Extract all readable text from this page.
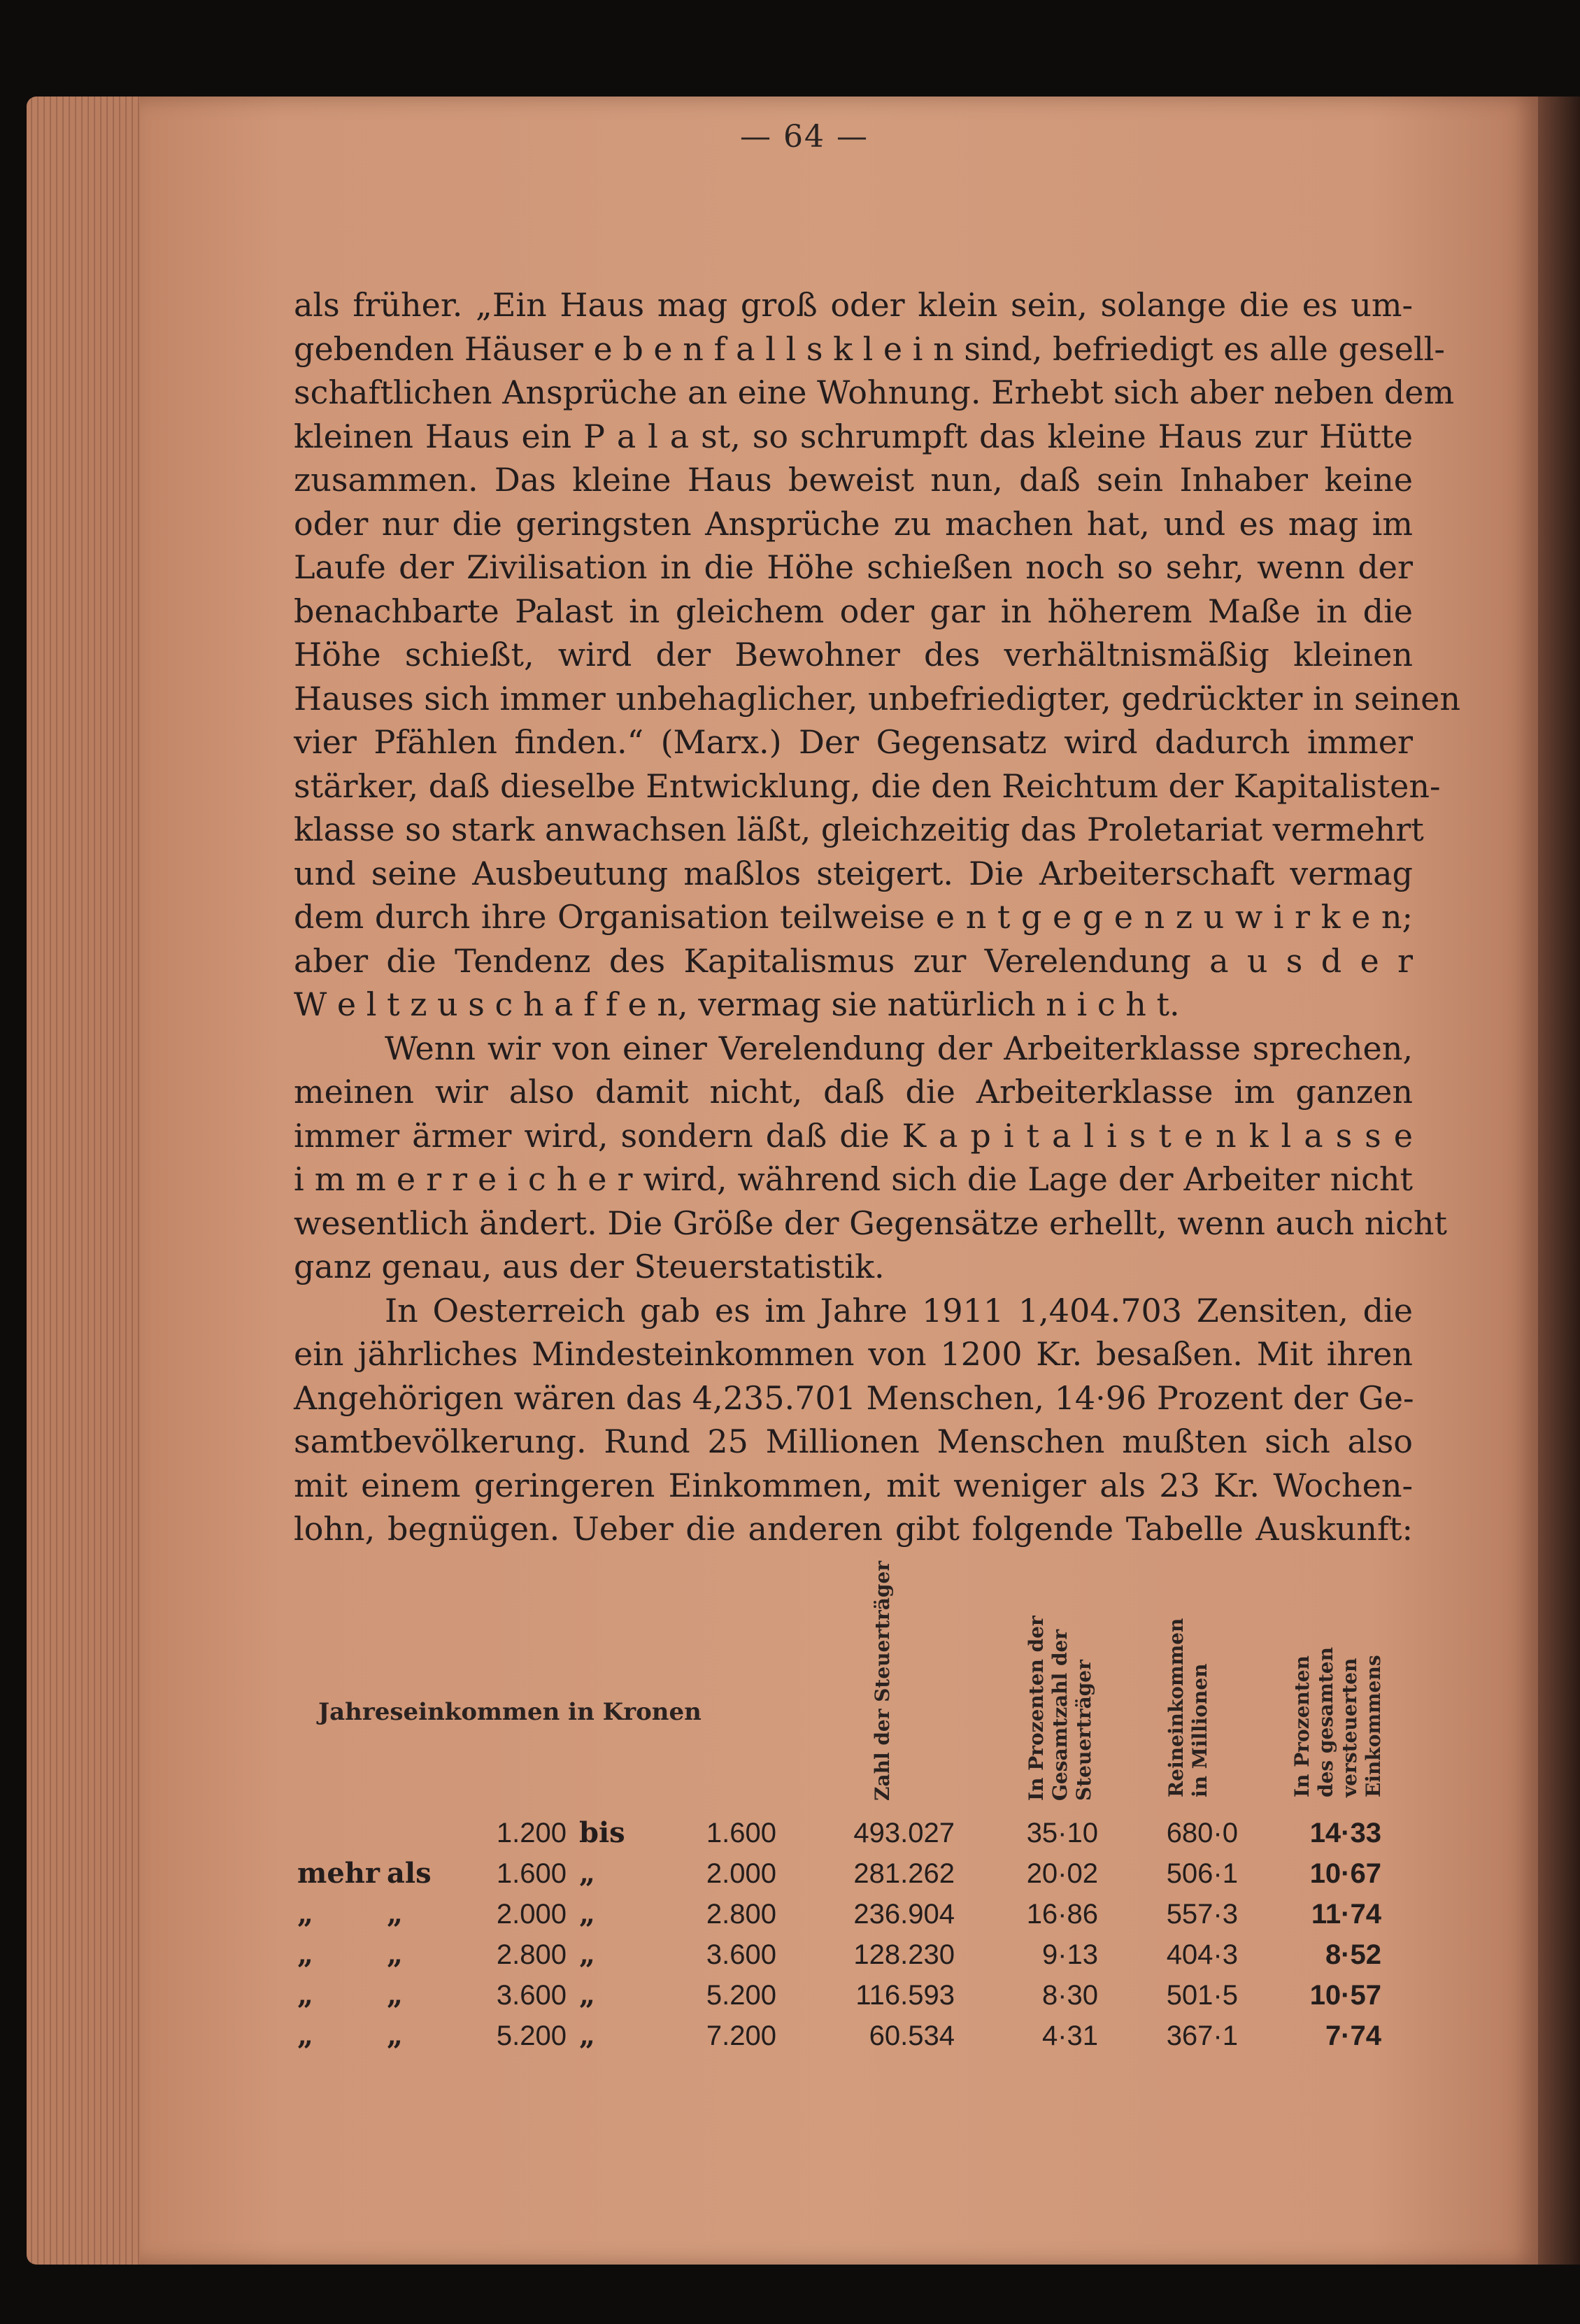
— 64 —
als früher. „Ein Haus mag groß oder klein sein, solange die es um-
gebenden Häuser e b e n f a l l s k l e i n sind, befriedigt es alle gesell-
schaftlichen Ansprüche an eine Wohnung. Erhebt sich aber neben dem
kleinen Haus ein P a l a st, so schrumpft das kleine Haus zur Hütte
zusammen. Das kleine Haus beweist nun, daß sein Inhaber keine
oder nur die geringsten Ansprüche zu machen hat, und es mag im
Laufe der Zivilisation in die Höhe schießen noch so sehr, wenn der
benachbarte Palast in gleichem oder gar in höherem Maße in die
Höhe schießt, wird der Bewohner des verhältnismäßig kleinen
Hauses sich immer unbehaglicher, unbefriedigter, gedrückter in seinen
vier Pfählen finden.“ (Marx.) Der Gegensatz wird dadurch immer
stärker, daß dieselbe Entwicklung, die den Reichtum der Kapitalisten-
klasse so stark anwachsen läßt, gleichzeitig das Proletariat vermehrt
und seine Ausbeutung maßlos steigert. Die Arbeiterschaft vermag
dem durch ihre Organisation teilweise e n t g e g e n z u w i r k e n;
aber die Tendenz des Kapitalismus zur Verelendung a u s d e r
W e l t z u s c h a f f e n, vermag sie natürlich n i c h t.
Wenn wir von einer Verelendung der Arbeiterklasse sprechen,
meinen wir also damit nicht, daß die Arbeiterklasse im ganzen
immer ärmer wird, sondern daß die K a p i t a l i s t e n k l a s s e
i m m e r r e i c h e r wird, während sich die Lage der Arbeiter nicht
wesentlich ändert. Die Größe der Gegensätze erhellt, wenn auch nicht
ganz genau, aus der Steuerstatistik.
In Oesterreich gab es im Jahre 1911 1,404.703 Zensiten, die
ein jährliches Mindesteinkommen von 1200 Kr. besaßen. Mit ihren
Angehörigen wären das 4,235.701 Menschen, 14·96 Prozent der Ge-
samtbevölkerung. Rund 25 Millionen Menschen mußten sich also
mit einem geringeren Einkommen, mit weniger als 23 Kr. Wochen-
lohn, begnügen. Ueber die anderen gibt folgende Tabelle Auskunft:
Jahreseinkommen in Kronen	Zahl der Steuerträger	In Prozenten der Gesamtzahl der Steuerträger	Reineinkommen in Millionen	In Prozenten des gesamten versteuerten Einkommens
1.200 bis	1.600	493.027	35·10	680·0	14·33
mehr als	1.600 „	2.000	281.262	20·02	506·1	10·67
„	„	2.000 „	2.800	236.904	16·86	557·3	11·74
„	„	2.800 „	3.600	128.230	9·13	404·3	8·52
„	„	3.600 „	5.200	116.593	8·30	501·5	10·57
„	„	5.200 „	7.200	60.534	4·31	367·1	7·74
